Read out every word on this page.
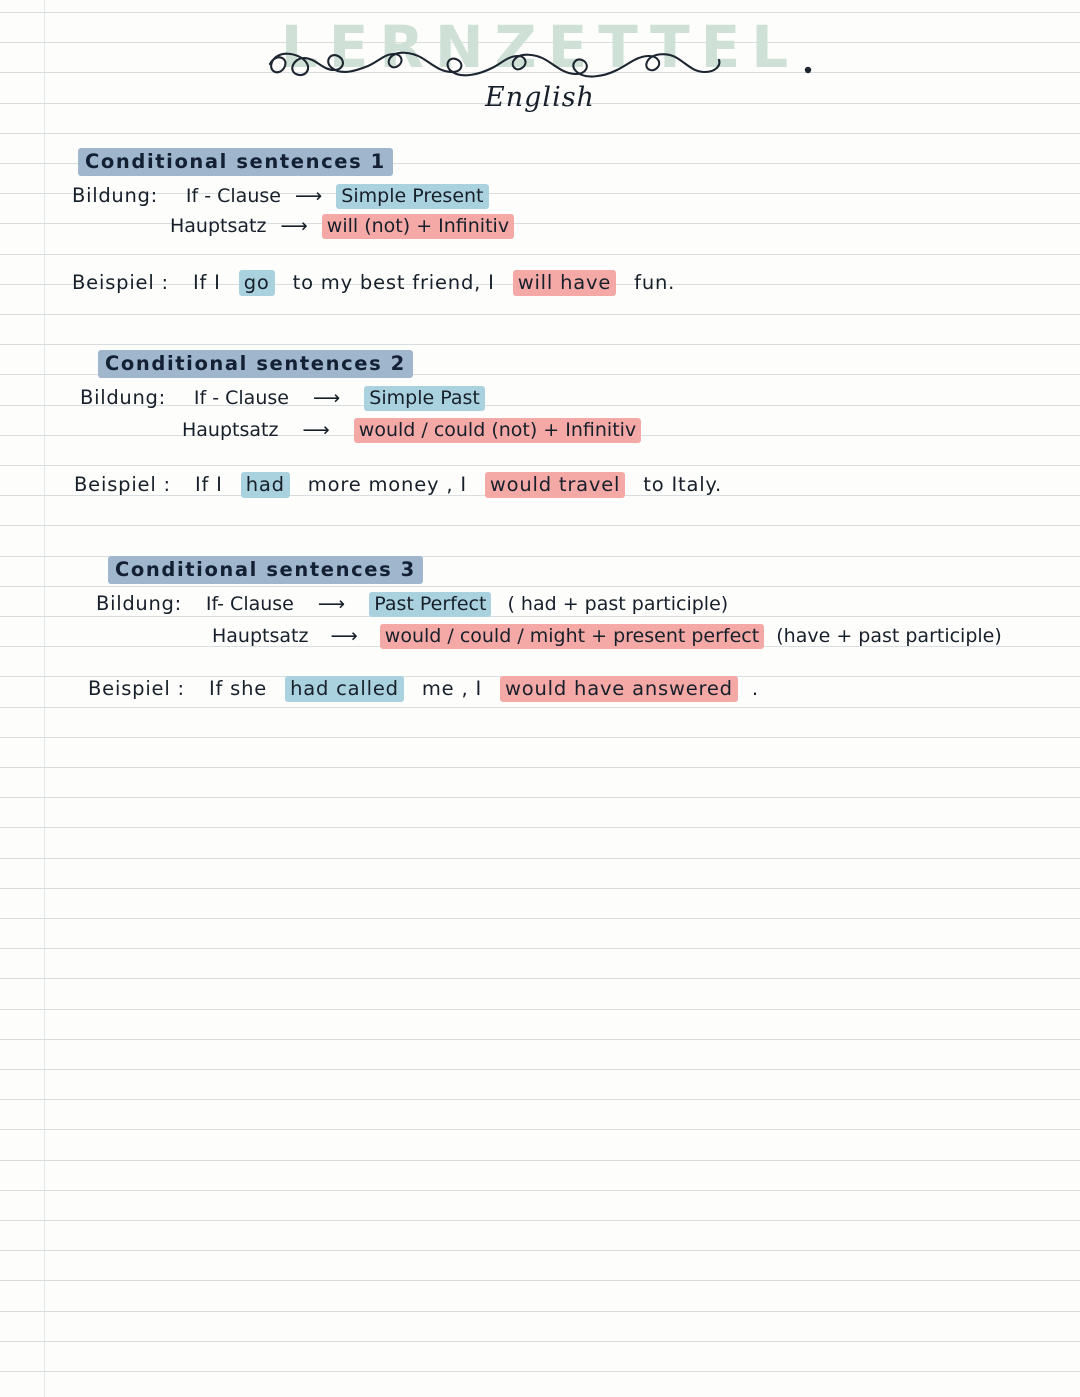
LERNZETTEL
English
Conditional sentences 1
Bildung: If - Clause ⟶ Simple Present
Hauptsatz ⟶ will (not) + Infinitiv
Beispiel : If I go to my best friend, I will have fun.
Conditional sentences 2
Bildung: If - Clause ⟶ Simple Past
Hauptsatz ⟶ would / could (not) + Infinitiv
Beispiel : If I had more money , I would travel to Italy.
Conditional sentences 3
Bildung: If- Clause ⟶ Past Perfect ( had + past participle)
Hauptsatz ⟶ would / could / might + present perfect (have + past participle)
Beispiel : If she had called me , I would have answered .
